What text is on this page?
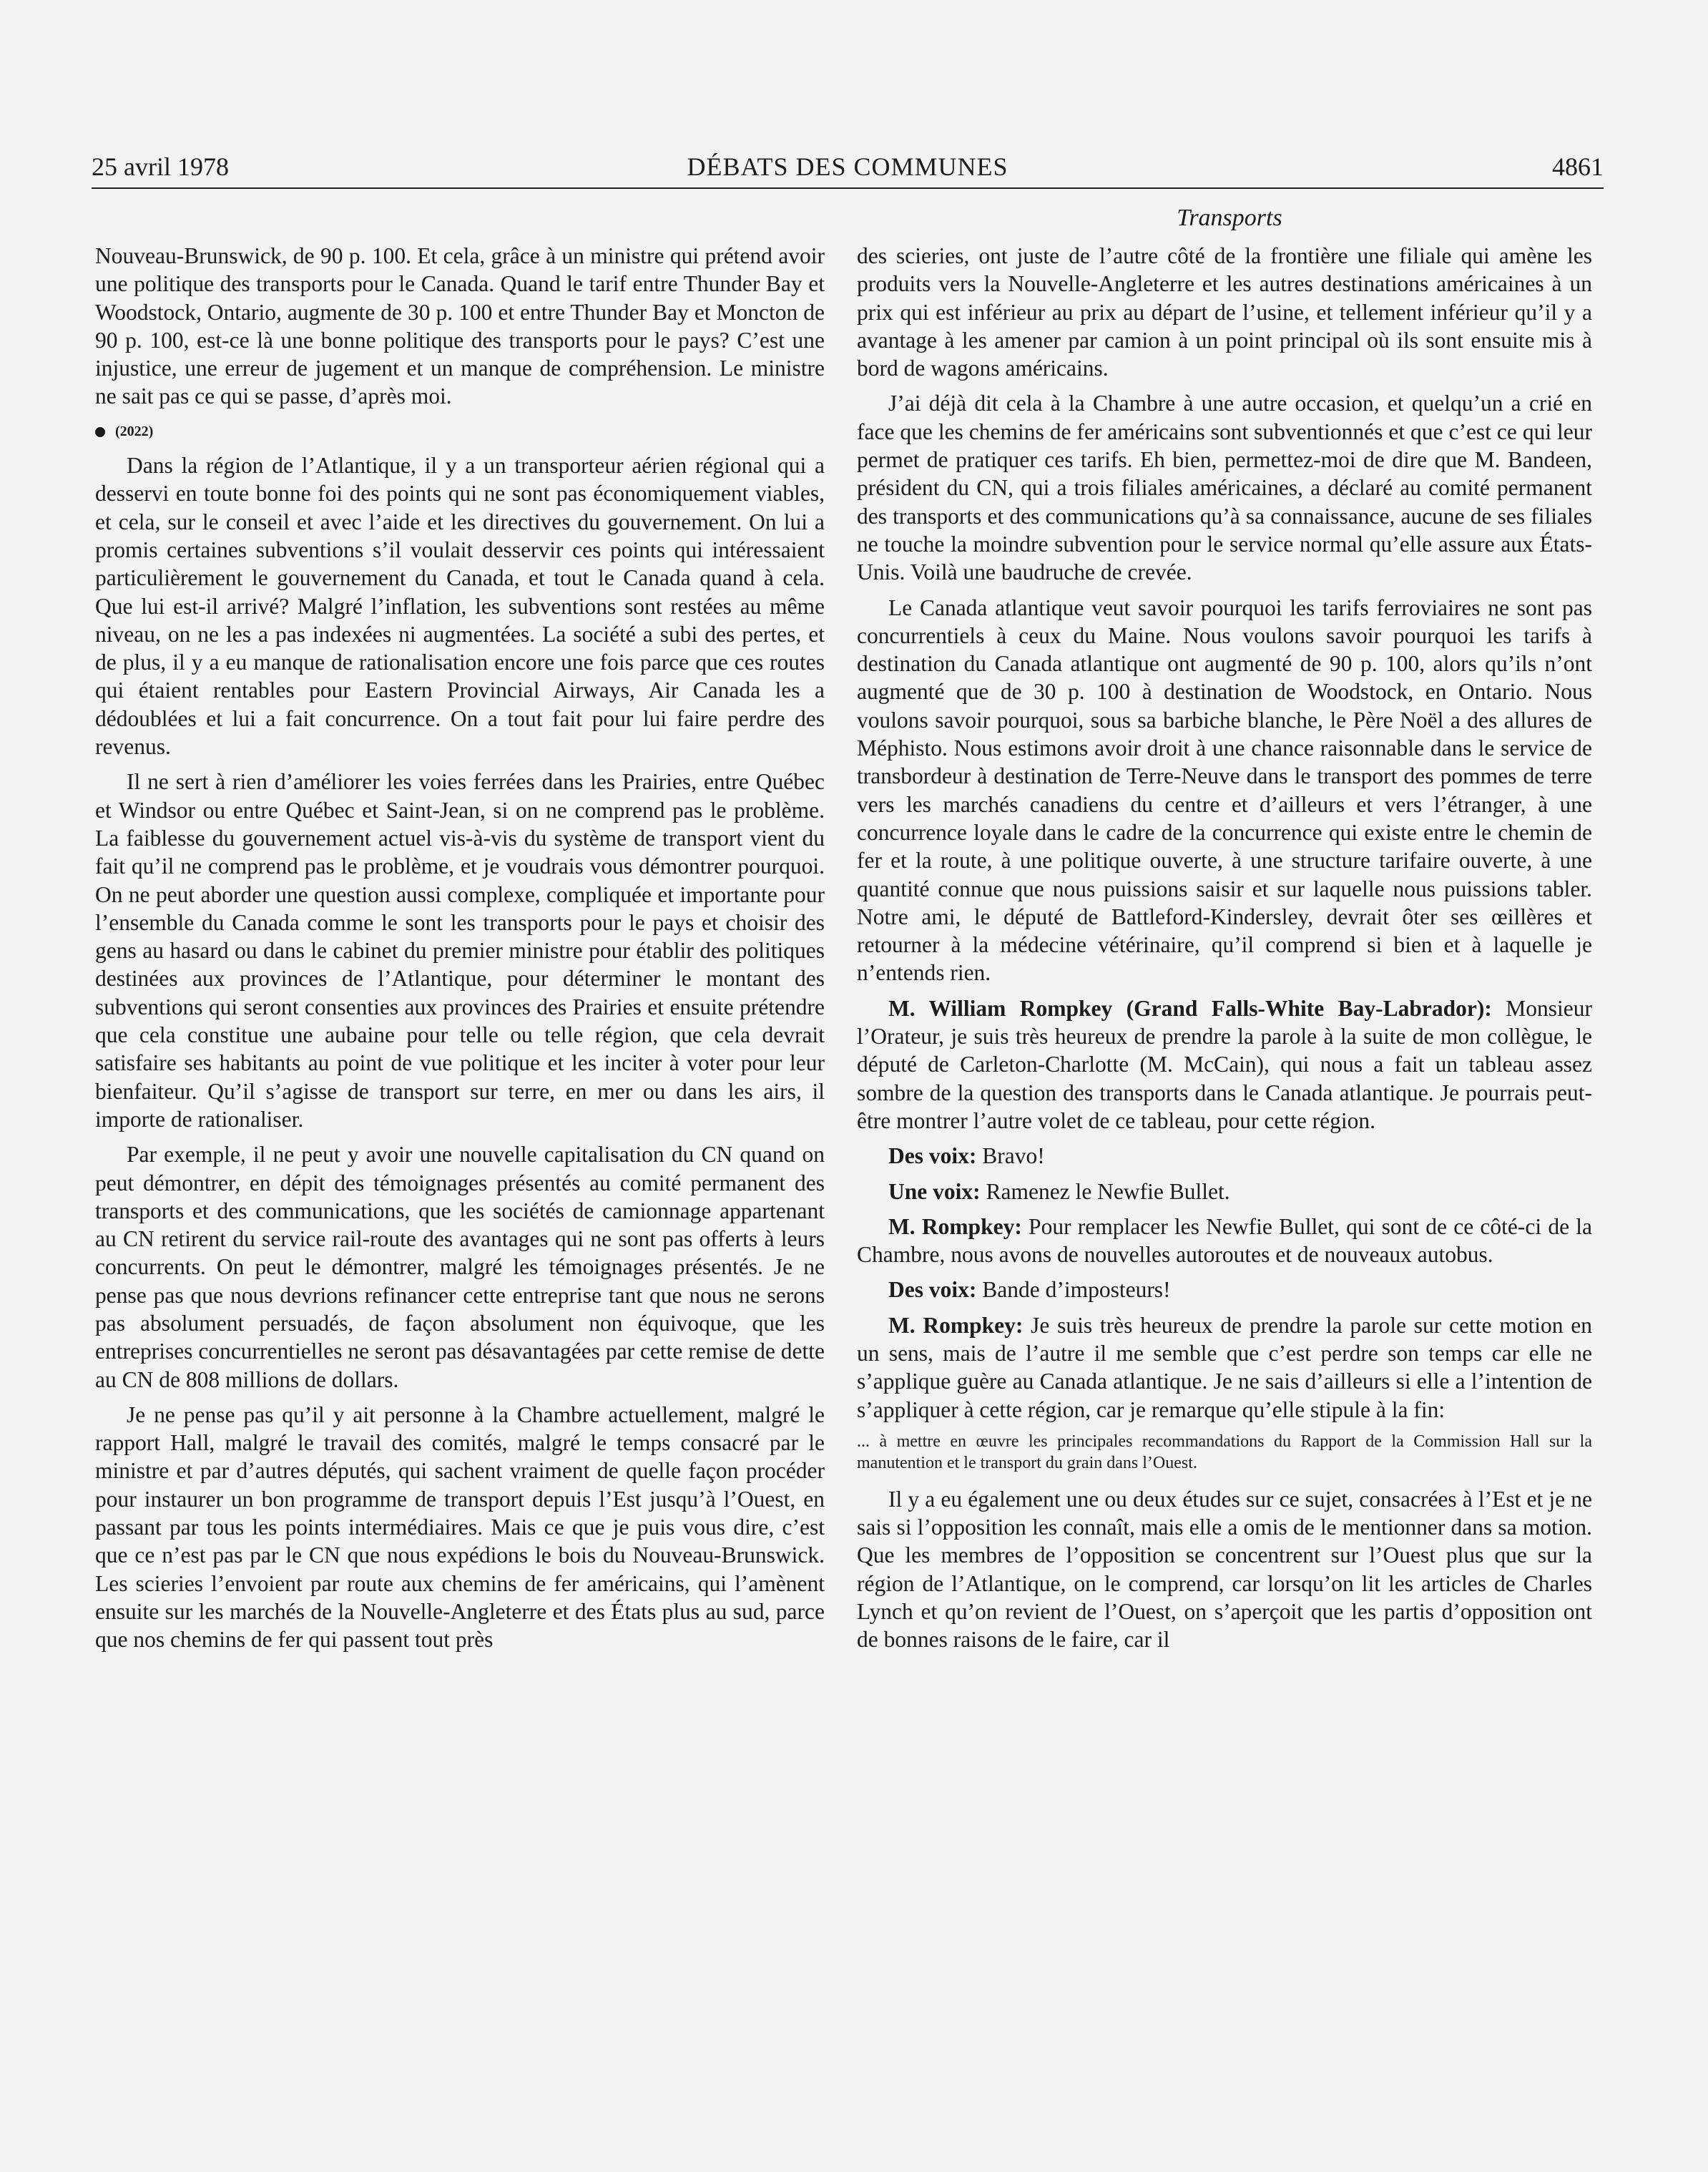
25 avril 1978	DÉBATS DES COMMUNES	4861
Transports

Nouveau-Brunswick, de 90 p. 100. Et cela, grâce à un ministre qui prétend avoir une politique des transports pour le Canada. Quand le tarif entre Thunder Bay et Woodstock, Ontario, augmente de 30 p. 100 et entre Thunder Bay et Moncton de 90 p. 100, est-ce là une bonne politique des transports pour le pays? C’est une injustice, une erreur de jugement et un manque de compréhension. Le ministre ne sait pas ce qui se passe, d’après moi.

(2022)

Dans la région de l’Atlantique, il y a un transporteur aérien régional qui a desservi en toute bonne foi des points qui ne sont pas économiquement viables, et cela, sur le conseil et avec l’aide et les directives du gouvernement. On lui a promis certaines subventions s’il voulait desservir ces points qui intéressaient particulièrement le gouvernement du Canada, et tout le Canada quand à cela. Que lui est-il arrivé? Malgré l’inflation, les subventions sont restées au même niveau, on ne les a pas indexées ni augmentées. La société a subi des pertes, et de plus, il y a eu manque de rationalisation encore une fois parce que ces routes qui étaient rentables pour Eastern Provincial Airways, Air Canada les a dédoublées et lui a fait concurrence. On a tout fait pour lui faire perdre des revenus.

Il ne sert à rien d’améliorer les voies ferrées dans les Prairies, entre Québec et Windsor ou entre Québec et Saint-Jean, si on ne comprend pas le problème. La faiblesse du gouvernement actuel vis-à-vis du système de transport vient du fait qu’il ne comprend pas le problème, et je voudrais vous démontrer pourquoi. On ne peut aborder une question aussi complexe, compliquée et importante pour l’ensemble du Canada comme le sont les transports pour le pays et choisir des gens au hasard ou dans le cabinet du premier ministre pour établir des politiques destinées aux provinces de l’Atlantique, pour déterminer le montant des subventions qui seront consenties aux provinces des Prairies et ensuite prétendre que cela constitue une aubaine pour telle ou telle région, que cela devrait satisfaire ses habitants au point de vue politique et les inciter à voter pour leur bienfaiteur. Qu’il s’agisse de transport sur terre, en mer ou dans les airs, il importe de rationaliser.

Par exemple, il ne peut y avoir une nouvelle capitalisation du CN quand on peut démontrer, en dépit des témoignages présentés au comité permanent des transports et des communications, que les sociétés de camionnage appartenant au CN retirent du service rail-route des avantages qui ne sont pas offerts à leurs concurrents. On peut le démontrer, malgré les témoignages présentés. Je ne pense pas que nous devrions refinancer cette entreprise tant que nous ne serons pas absolument persuadés, de façon absolument non équivoque, que les entreprises concurrentielles ne seront pas désavantagées par cette remise de dette au CN de 808 millions de dollars.

Je ne pense pas qu’il y ait personne à la Chambre actuellement, malgré le rapport Hall, malgré le travail des comités, malgré le temps consacré par le ministre et par d’autres députés, qui sachent vraiment de quelle façon procéder pour instaurer un bon programme de transport depuis l’Est jusqu’à l’Ouest, en passant par tous les points intermédiaires. Mais ce que je puis vous dire, c’est que ce n’est pas par le CN que nous expédions le bois du Nouveau-Brunswick. Les scieries l’envoient par route aux chemins de fer américains, qui l’amènent ensuite sur les marchés de la Nouvelle-Angleterre et des États plus au sud, parce que nos chemins de fer qui passent tout près

des scieries, ont juste de l’autre côté de la frontière une filiale qui amène les produits vers la Nouvelle-Angleterre et les autres destinations américaines à un prix qui est inférieur au prix au départ de l’usine, et tellement inférieur qu’il y a avantage à les amener par camion à un point principal où ils sont ensuite mis à bord de wagons américains.

J’ai déjà dit cela à la Chambre à une autre occasion, et quelqu’un a crié en face que les chemins de fer américains sont subventionnés et que c’est ce qui leur permet de pratiquer ces tarifs. Eh bien, permettez-moi de dire que M. Bandeen, président du CN, qui a trois filiales américaines, a déclaré au comité permanent des transports et des communications qu’à sa connaissance, aucune de ses filiales ne touche la moindre subvention pour le service normal qu’elle assure aux États-Unis. Voilà une baudruche de crevée.

Le Canada atlantique veut savoir pourquoi les tarifs ferroviaires ne sont pas concurrentiels à ceux du Maine. Nous voulons savoir pourquoi les tarifs à destination du Canada atlantique ont augmenté de 90 p. 100, alors qu’ils n’ont augmenté que de 30 p. 100 à destination de Woodstock, en Ontario. Nous voulons savoir pourquoi, sous sa barbiche blanche, le Père Noël a des allures de Méphisto. Nous estimons avoir droit à une chance raisonnable dans le service de transbordeur à destination de Terre-Neuve dans le transport des pommes de terre vers les marchés canadiens du centre et d’ailleurs et vers l’étranger, à une concurrence loyale dans le cadre de la concurrence qui existe entre le chemin de fer et la route, à une politique ouverte, à une structure tarifaire ouverte, à une quantité connue que nous puissions saisir et sur laquelle nous puissions tabler. Notre ami, le député de Battleford-Kindersley, devrait ôter ses œillères et retourner à la médecine vétérinaire, qu’il comprend si bien et à laquelle je n’entends rien.

M. William Rompkey (Grand Falls-White Bay-Labrador): Monsieur l’Orateur, je suis très heureux de prendre la parole à la suite de mon collègue, le député de Carleton-Charlotte (M. McCain), qui nous a fait un tableau assez sombre de la question des transports dans le Canada atlantique. Je pourrais peut-être montrer l’autre volet de ce tableau, pour cette région.

Des voix: Bravo!

Une voix: Ramenez le Newfie Bullet.

M. Rompkey: Pour remplacer les Newfie Bullet, qui sont de ce côté-ci de la Chambre, nous avons de nouvelles autoroutes et de nouveaux autobus.

Des voix: Bande d’imposteurs!

M. Rompkey: Je suis très heureux de prendre la parole sur cette motion en un sens, mais de l’autre il me semble que c’est perdre son temps car elle ne s’applique guère au Canada atlantique. Je ne sais d’ailleurs si elle a l’intention de s’appliquer à cette région, car je remarque qu’elle stipule à la fin:

... à mettre en œuvre les principales recommandations du Rapport de la Commission Hall sur la manutention et le transport du grain dans l’Ouest.

Il y a eu également une ou deux études sur ce sujet, consacrées à l’Est et je ne sais si l’opposition les connaît, mais elle a omis de le mentionner dans sa motion. Que les membres de l’opposition se concentrent sur l’Ouest plus que sur la région de l’Atlantique, on le comprend, car lorsqu’on lit les articles de Charles Lynch et qu’on revient de l’Ouest, on s’aperçoit que les partis d’opposition ont de bonnes raisons de le faire, car il
